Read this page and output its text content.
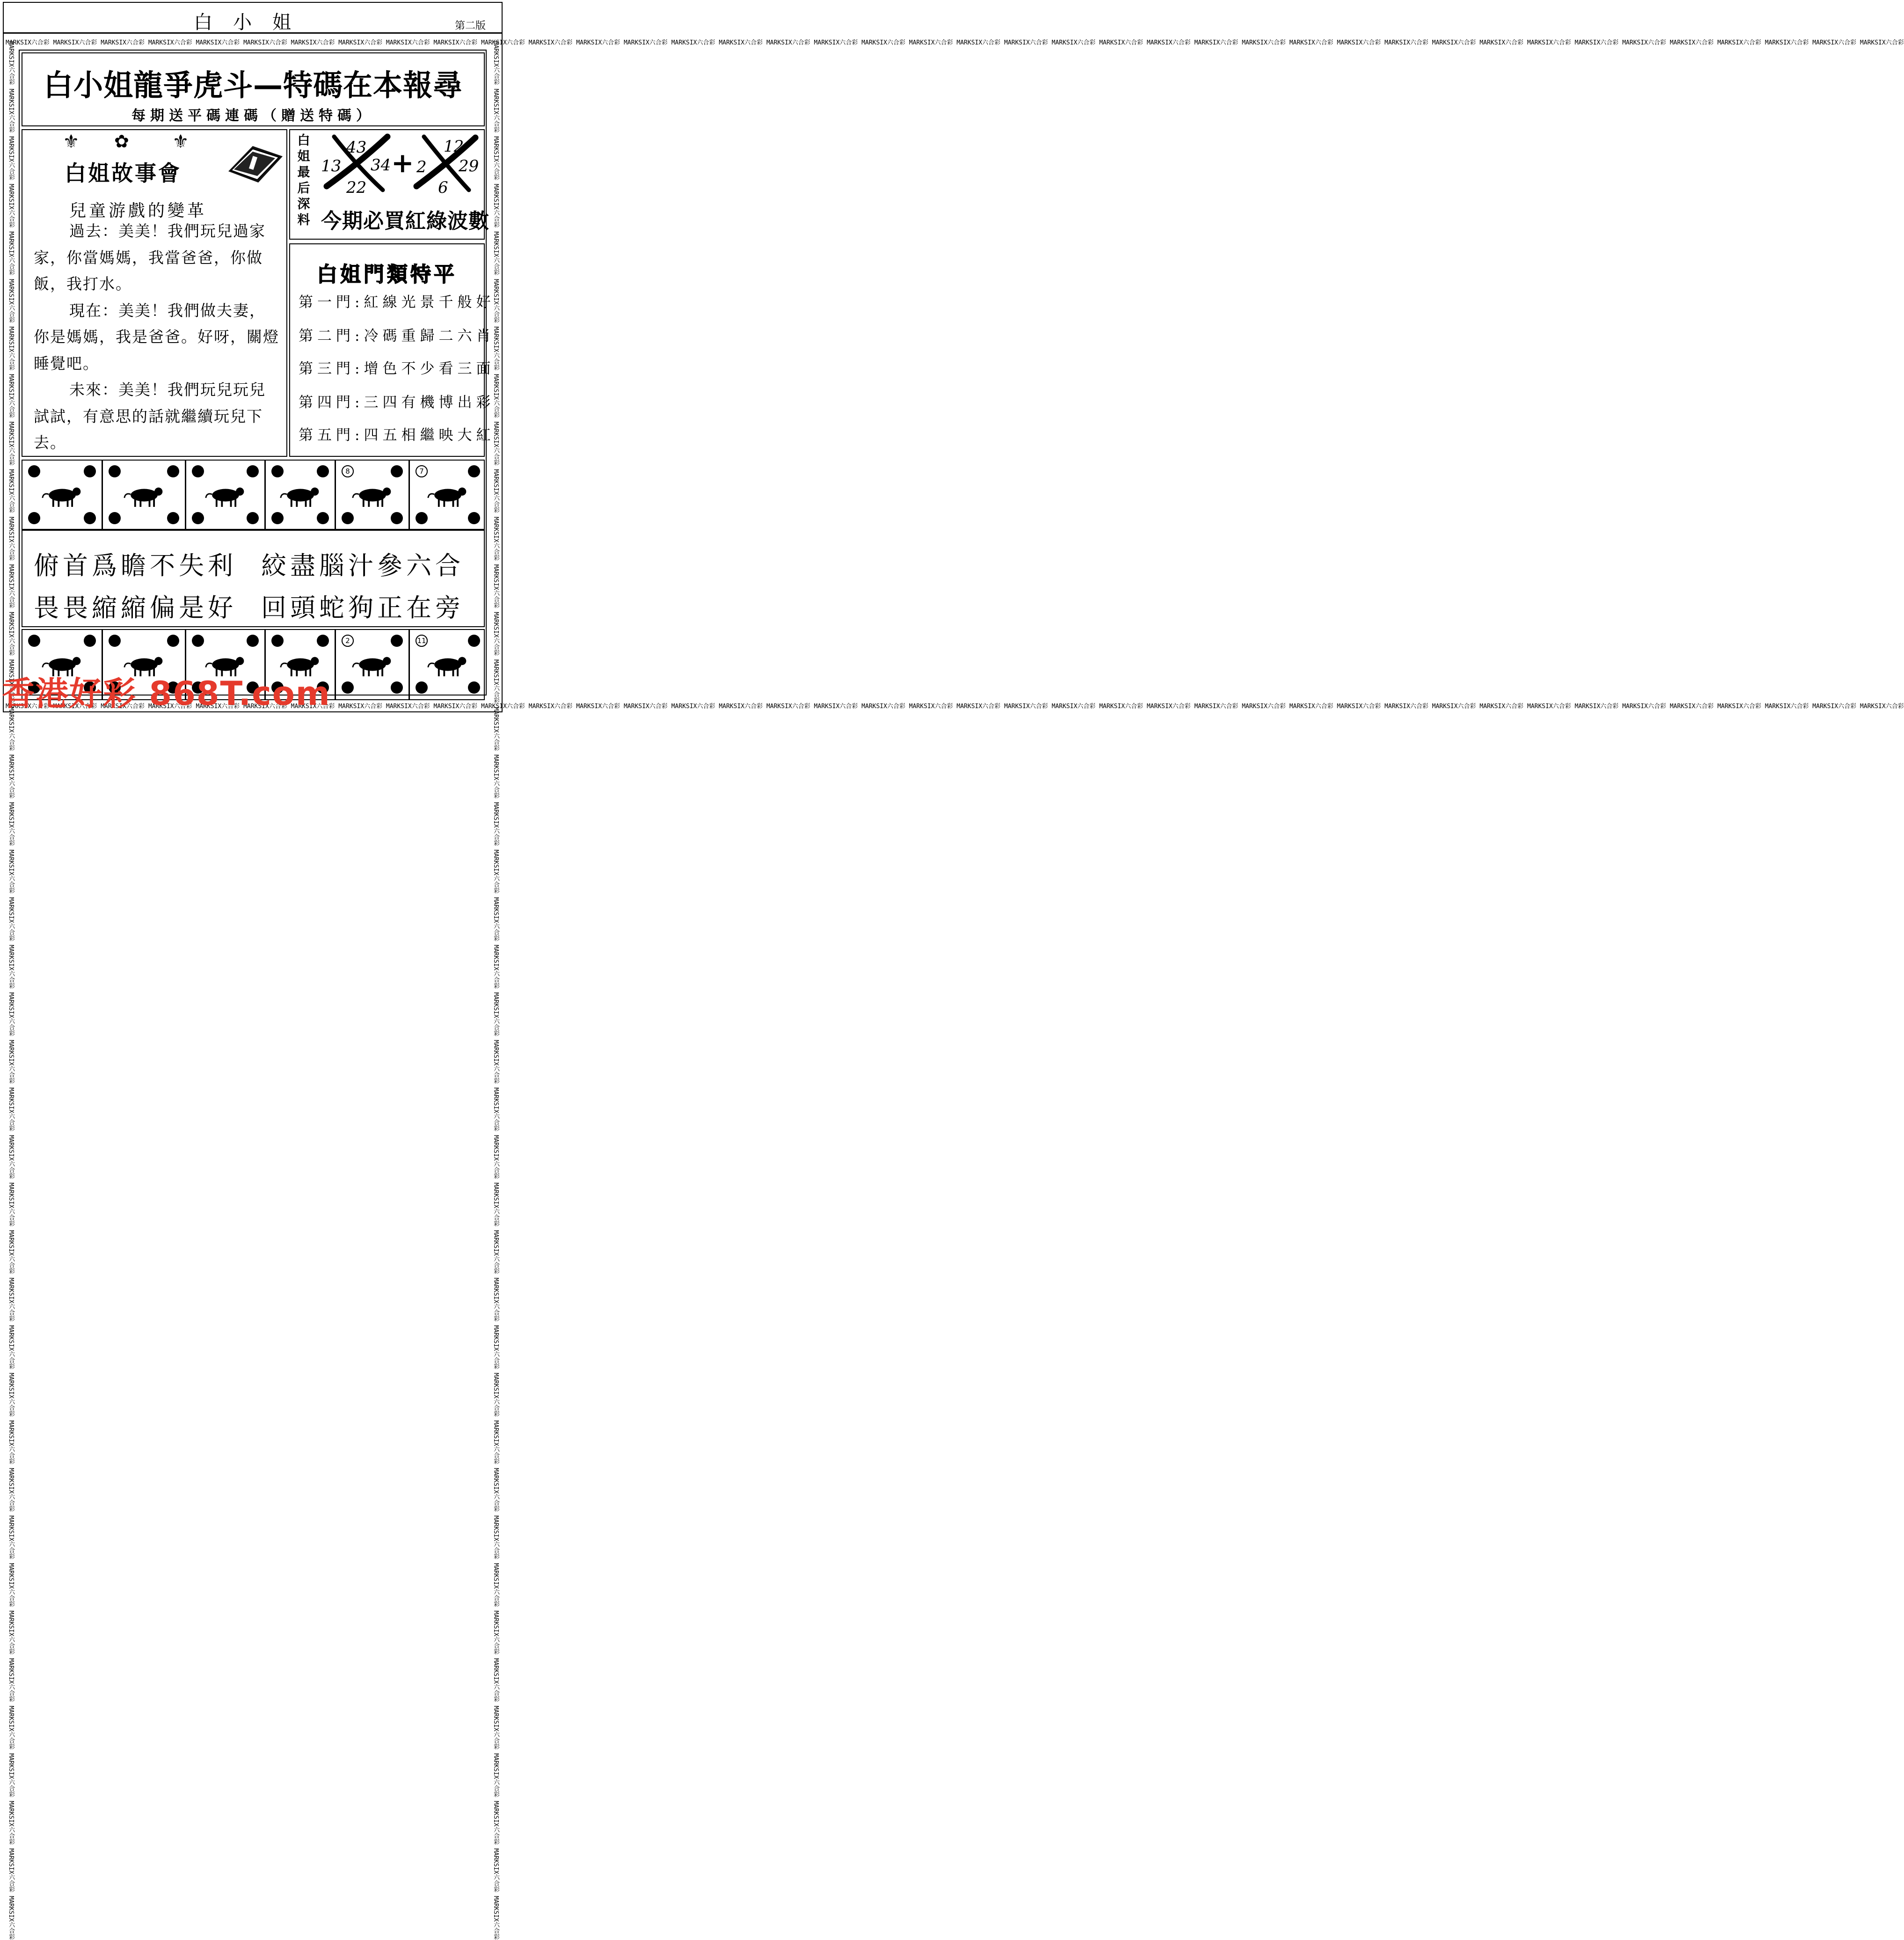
白小姐	第二版
MARKSIX六合彩 MARKSIX六合彩 MARKSIX六合彩 MARKSIX六合彩 MARKSIX六合彩 MARKSIX六合彩 MARKSIX六合彩 MARKSIX六合彩 MARKSIX六合彩 MARKSIX六合彩 MARKSIX六合彩 MARKSIX六合彩 MARKSIX六合彩 MARKSIX六合彩 MARKSIX六合彩 MARKSIX六合彩 MARKSIX六合彩 MARKSIX六合彩 MARKSIX六合彩 MARKSIX六合彩 MARKSIX六合彩 MARKSIX六合彩 MARKSIX六合彩 MARKSIX六合彩 MARKSIX六合彩 MARKSIX六合彩 MARKSIX六合彩 MARKSIX六合彩 MARKSIX六合彩 MARKSIX六合彩 MARKSIX六合彩 MARKSIX六合彩 MARKSIX六合彩 MARKSIX六合彩 MARKSIX六合彩 MARKSIX六合彩 MARKSIX六合彩 MARKSIX六合彩 MARKSIX六合彩 MARKSIX六合彩
MARKSIX六合彩 MARKSIX六合彩 MARKSIX六合彩 MARKSIX六合彩 MARKSIX六合彩 MARKSIX六合彩 MARKSIX六合彩 MARKSIX六合彩 MARKSIX六合彩 MARKSIX六合彩 MARKSIX六合彩 MARKSIX六合彩 MARKSIX六合彩 MARKSIX六合彩 MARKSIX六合彩 MARKSIX六合彩 MARKSIX六合彩 MARKSIX六合彩 MARKSIX六合彩 MARKSIX六合彩 MARKSIX六合彩 MARKSIX六合彩 MARKSIX六合彩 MARKSIX六合彩 MARKSIX六合彩 MARKSIX六合彩 MARKSIX六合彩 MARKSIX六合彩 MARKSIX六合彩 MARKSIX六合彩 MARKSIX六合彩 MARKSIX六合彩 MARKSIX六合彩 MARKSIX六合彩 MARKSIX六合彩 MARKSIX六合彩 MARKSIX六合彩 MARKSIX六合彩 MARKSIX六合彩 MARKSIX六合彩
MARKSIX六合彩 MARKSIX六合彩 MARKSIX六合彩 MARKSIX六合彩 MARKSIX六合彩 MARKSIX六合彩 MARKSIX六合彩 MARKSIX六合彩 MARKSIX六合彩 MARKSIX六合彩 MARKSIX六合彩 MARKSIX六合彩 MARKSIX六合彩 MARKSIX六合彩 MARKSIX六合彩 MARKSIX六合彩 MARKSIX六合彩 MARKSIX六合彩 MARKSIX六合彩 MARKSIX六合彩 MARKSIX六合彩 MARKSIX六合彩 MARKSIX六合彩 MARKSIX六合彩 MARKSIX六合彩 MARKSIX六合彩 MARKSIX六合彩 MARKSIX六合彩 MARKSIX六合彩 MARKSIX六合彩 MARKSIX六合彩 MARKSIX六合彩 MARKSIX六合彩 MARKSIX六合彩 MARKSIX六合彩 MARKSIX六合彩 MARKSIX六合彩 MARKSIX六合彩 MARKSIX六合彩 MARKSIX六合彩	MARKSIX六合彩 MARKSIX六合彩 MARKSIX六合彩 MARKSIX六合彩 MARKSIX六合彩 MARKSIX六合彩 MARKSIX六合彩 MARKSIX六合彩 MARKSIX六合彩 MARKSIX六合彩 MARKSIX六合彩 MARKSIX六合彩 MARKSIX六合彩 MARKSIX六合彩 MARKSIX六合彩 MARKSIX六合彩 MARKSIX六合彩 MARKSIX六合彩 MARKSIX六合彩 MARKSIX六合彩 MARKSIX六合彩 MARKSIX六合彩 MARKSIX六合彩 MARKSIX六合彩 MARKSIX六合彩 MARKSIX六合彩 MARKSIX六合彩 MARKSIX六合彩 MARKSIX六合彩 MARKSIX六合彩 MARKSIX六合彩 MARKSIX六合彩 MARKSIX六合彩 MARKSIX六合彩 MARKSIX六合彩 MARKSIX六合彩 MARKSIX六合彩 MARKSIX六合彩 MARKSIX六合彩 MARKSIX六合彩
白小姐龍爭虎斗—特碼在本報尋
每期送平碼連碼（贈送特碼）
⚜ ✿ ⚜
白姐故事會
兒童游戲的變革

過去：美美！我們玩兒過家家，你當媽媽，我當爸爸，你做飯，我打水。

現在：美美！我們做夫妻，你是媽媽，我是爸爸。好呀，關燈睡覺吧。

未來：美美！我們玩兒玩兒試試，有意思的話就繼續玩兒下去。

白
姐
最
后
深
料
43
13 34
22
+
12
2 29
6
今期必買紅綠波數
白姐門類特平
第一門:紅線光景千般好
第二門:冷碼重歸二六肖
第三門:增色不少看三面
第四門:三四有機博出彩
第五門:四五相繼映大紅
8	7
2	11
俯首爲瞻不失利 絞盡腦汁參六合
畏畏縮縮偏是好 回頭蛇狗正在旁
香港好彩 868T.com
